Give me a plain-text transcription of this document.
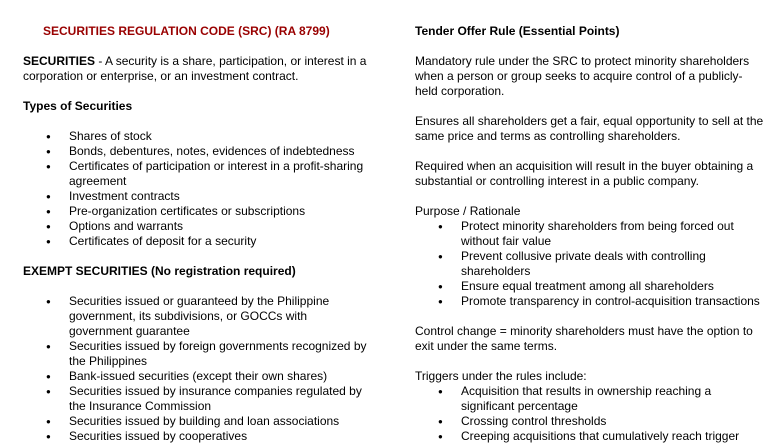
SECURITIES REGULATION CODE (SRC) (RA 8799)

SECURITIES - A security is a share, participation, or interest in a corporation or enterprise, or an investment contract.

Types of Securities

● Shares of stock
● Bonds, debentures, notes, evidences of indebtedness
● Certificates of participation or interest in a profit-sharing agreement
● Investment contracts
● Pre-organization certificates or subscriptions
● Options and warrants
● Certificates of deposit for a security

EXEMPT SECURITIES (No registration required)

● Securities issued or guaranteed by the Philippine government, its subdivisions, or GOCCs with government guarantee
● Securities issued by foreign governments recognized by the Philippines
● Bank-issued securities (except their own shares)
● Securities issued by insurance companies regulated by the Insurance Commission
● Securities issued by building and loan associations
● Securities issued by cooperatives

Tender Offer Rule (Essential Points)

Mandatory rule under the SRC to protect minority shareholders when a person or group seeks to acquire control of a publicly-held corporation.

Ensures all shareholders get a fair, equal opportunity to sell at the same price and terms as controlling shareholders.

Required when an acquisition will result in the buyer obtaining a substantial or controlling interest in a public company.

Purpose / Rationale

● Protect minority shareholders from being forced out without fair value
● Prevent collusive private deals with controlling shareholders
● Ensure equal treatment among all shareholders
● Promote transparency in control-acquisition transactions

Control change = minority shareholders must have the option to exit under the same terms.

Triggers under the rules include:

● Acquisition that results in ownership reaching a significant percentage
● Crossing control thresholds
● Creeping acquisitions that cumulatively reach trigger
